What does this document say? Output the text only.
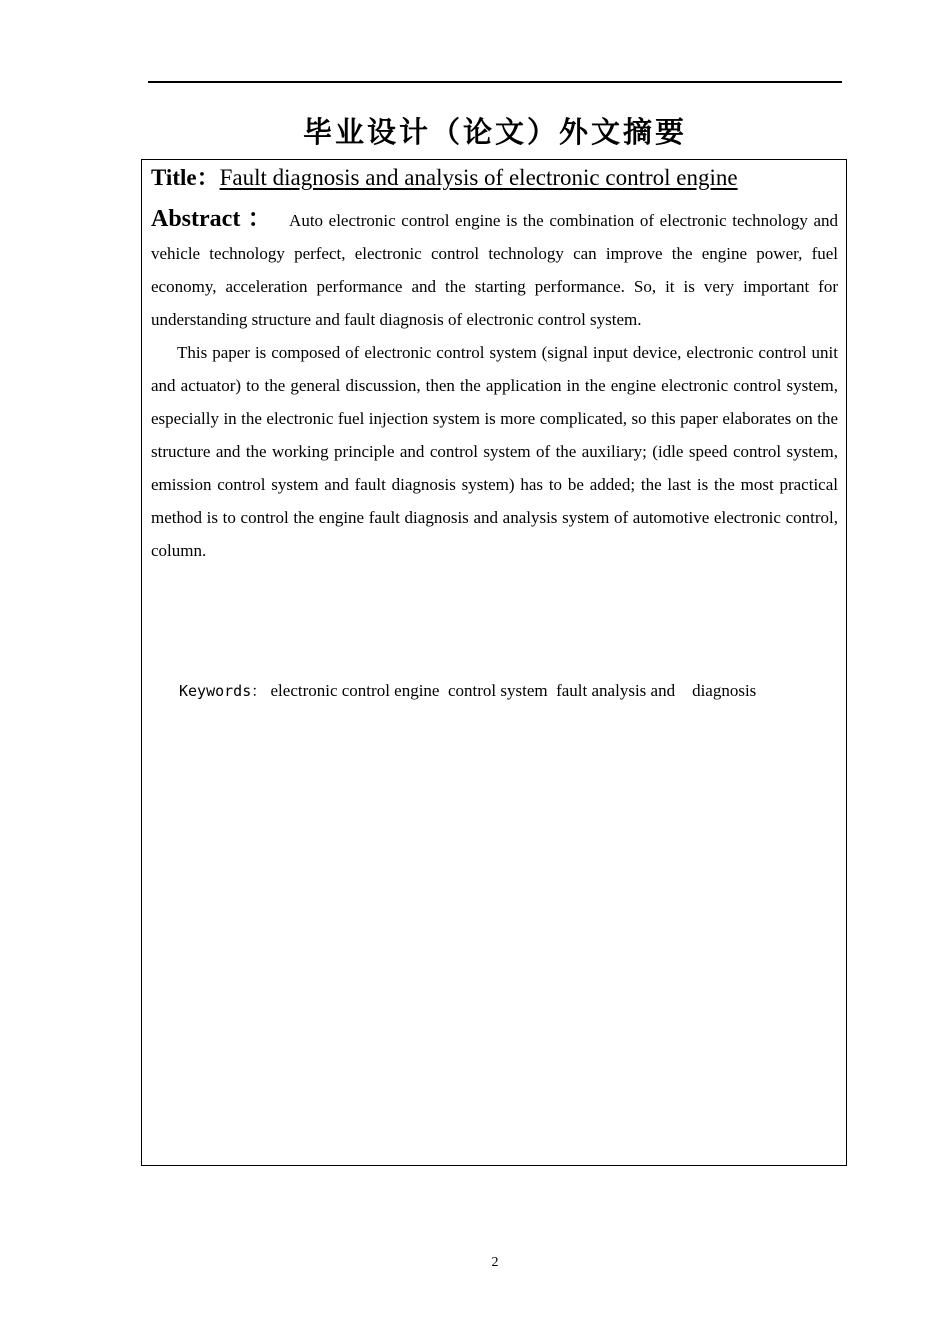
毕业设计（论文）外文摘要
Title：Fault diagnosis and analysis of electronic control engine
Abstract ： Auto electronic control engine is the combination of electronic technology and vehicle technology perfect, electronic control technology can improve the engine power, fuel economy, acceleration performance and the starting performance. So, it is very important for understanding structure and fault diagnosis of electronic control system.
This paper is composed of electronic control system (signal input device, electronic control unit and actuator) to the general discussion, then the application in the engine electronic control system, especially in the electronic fuel injection system is more complicated, so this paper elaborates on the structure and the working principle and control system of the auxiliary; (idle speed control system, emission control system and fault diagnosis system) has to be added; the last is the most practical method is to control the engine fault diagnosis and analysis system of automotive electronic control, column.
Keywords： electronic control engine  control system  fault analysis and    diagnosis
2
